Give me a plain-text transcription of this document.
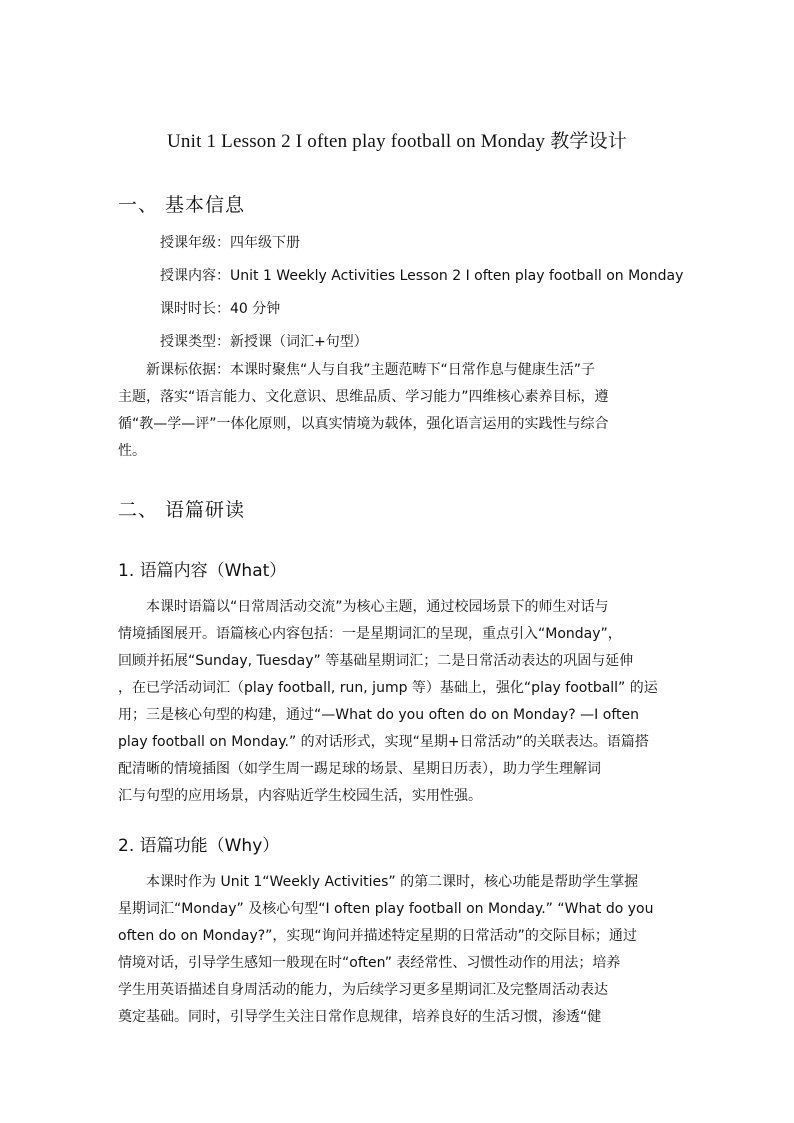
Unit 1 Lesson 2 I often play football on Monday 教学设计
一、 基本信息
授课年级：四年级下册
授课内容：Unit 1 Weekly Activities Lesson 2 I often play football on Monday
课时时长：40 分钟
授课类型：新授课（词汇+句型）
新课标依据：本课时聚焦“人与自我”主题范畴下“日常作息与健康生活”子
主题，落实“语言能力、文化意识、思维品质、学习能力”四维核心素养目标，遵
循“教—学—评”一体化原则，以真实情境为载体，强化语言运用的实践性与综合
性。
二、 语篇研读
1. 语篇内容（What）
本课时语篇以“日常周活动交流”为核心主题，通过校园场景下的师生对话与
情境插图展开。语篇核心内容包括：一是星期词汇的呈现，重点引入“Monday”，
回顾并拓展“Sunday, Tuesday” 等基础星期词汇；二是日常活动表达的巩固与延伸
，在已学活动词汇（play football, run, jump 等）基础上，强化“play football” 的运
用；三是核心句型的构建，通过“—What do you often do on Monday? —I often
play football on Monday.” 的对话形式，实现“星期+日常活动”的关联表达。语篇搭
配清晰的情境插图（如学生周一踢足球的场景、星期日历表），助力学生理解词
汇与句型的应用场景，内容贴近学生校园生活，实用性强。
2. 语篇功能（Why）
本课时作为 Unit 1“Weekly Activities” 的第二课时，核心功能是帮助学生掌握
星期词汇“Monday” 及核心句型“I often play football on Monday.” “What do you
often do on Monday?”，实现“询问并描述特定星期的日常活动”的交际目标；通过
情境对话，引导学生感知一般现在时“often” 表经常性、习惯性动作的用法；培养
学生用英语描述自身周活动的能力，为后续学习更多星期词汇及完整周活动表达
奠定基础。同时，引导学生关注日常作息规律，培养良好的生活习惯，渗透“健
